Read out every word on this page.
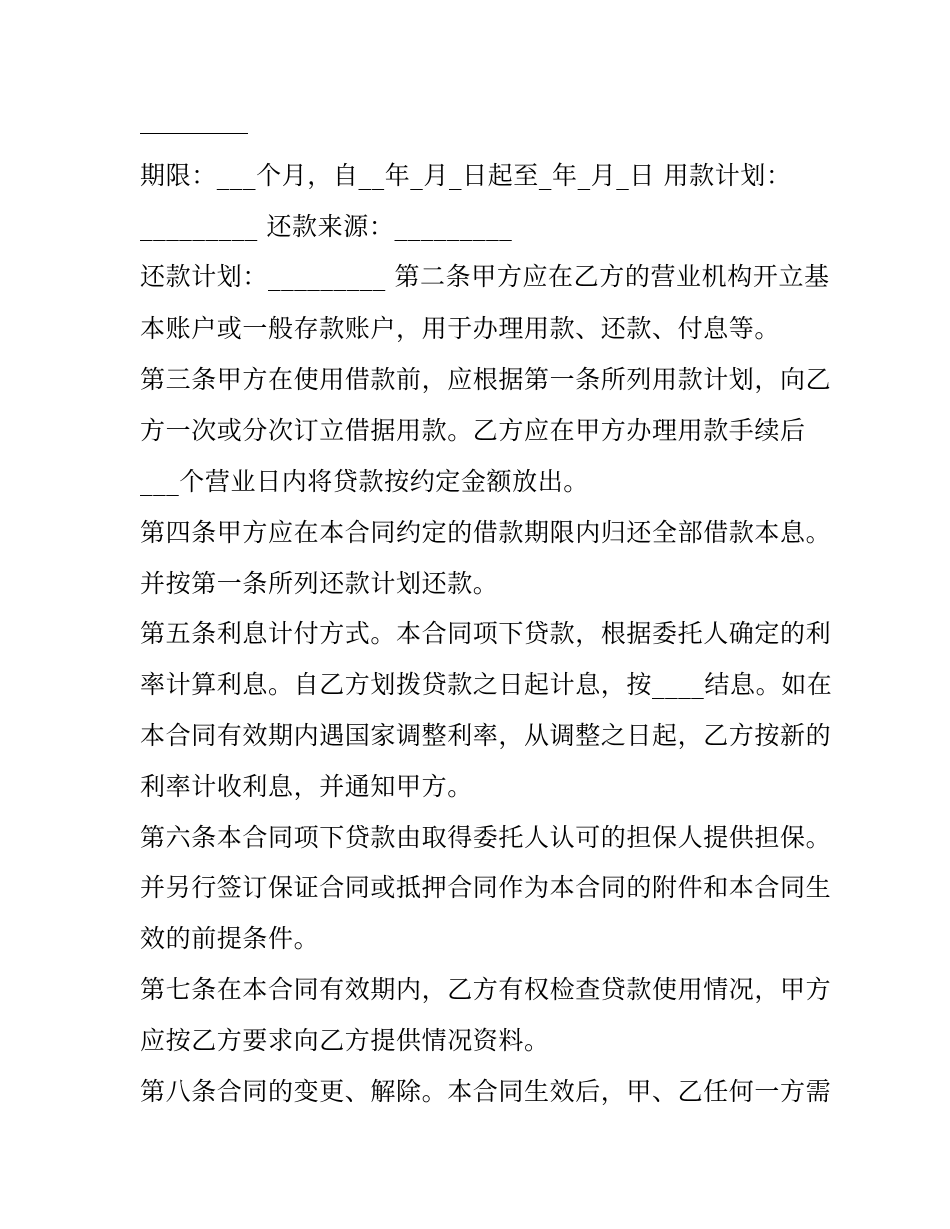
期限：___个月，自__年_月_日起至_年_月_日 用款计划：
_________ 还款来源：_________
还款计划：_________ 第二条甲方应在乙方的营业机构开立基
本账户或一般存款账户，用于办理用款、还款、付息等。
第三条甲方在使用借款前，应根据第一条所列用款计划，向乙
方一次或分次订立借据用款。乙方应在甲方办理用款手续后
___个营业日内将贷款按约定金额放出。
第四条甲方应在本合同约定的借款期限内归还全部借款本息。
并按第一条所列还款计划还款。
第五条利息计付方式。本合同项下贷款，根据委托人确定的利
率计算利息。自乙方划拨贷款之日起计息，按____结息。如在
本合同有效期内遇国家调整利率，从调整之日起，乙方按新的
利率计收利息，并通知甲方。
第六条本合同项下贷款由取得委托人认可的担保人提供担保。
并另行签订保证合同或抵押合同作为本合同的附件和本合同生
效的前提条件。
第七条在本合同有效期内，乙方有权检查贷款使用情况，甲方
应按乙方要求向乙方提供情况资料。
第八条合同的变更、解除。本合同生效后，甲、乙任何一方需
